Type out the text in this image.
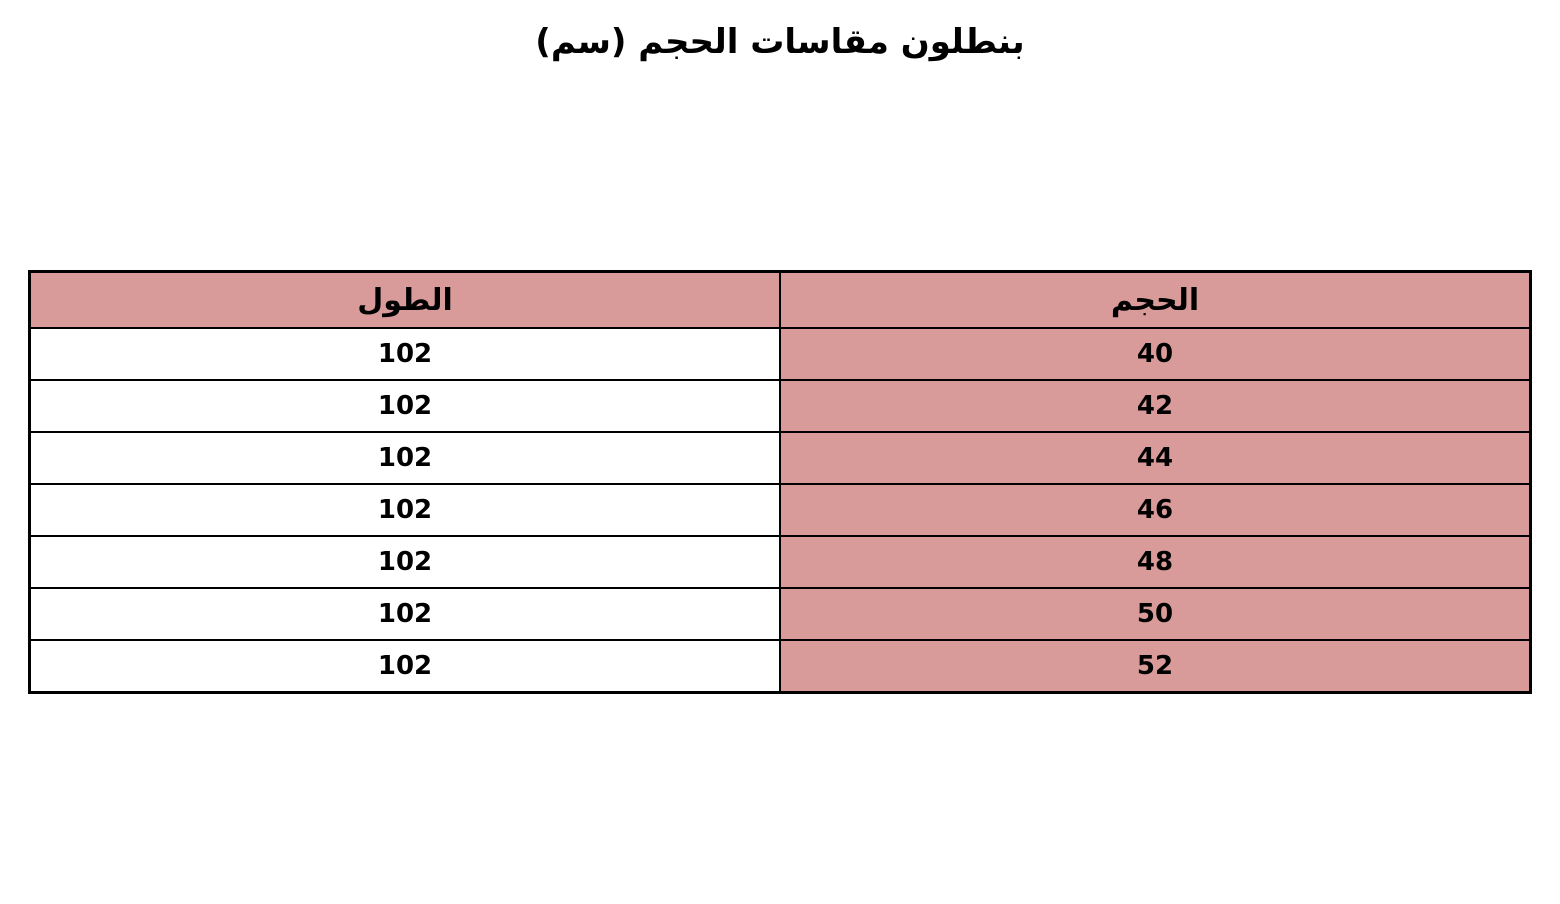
بنطلون مقاسات الحجم (سم)
الحجم	الطول
40	102
42	102
44	102
46	102
48	102
50	102
52	102
